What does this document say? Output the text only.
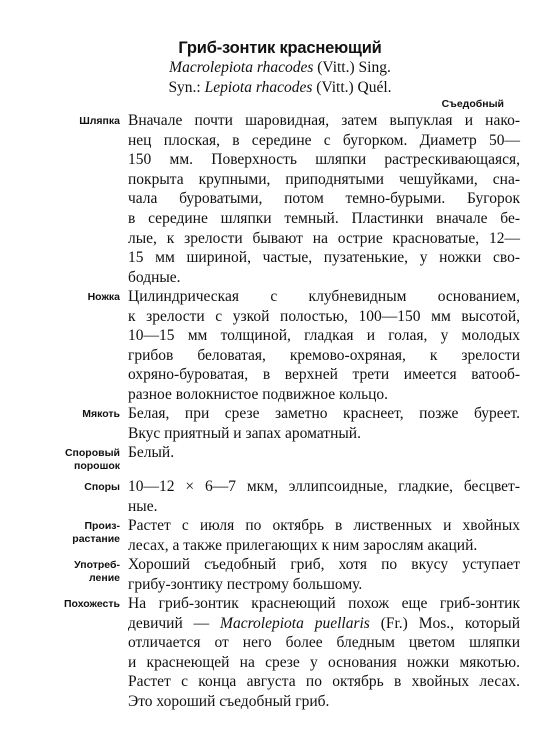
Гриб-зонтик краснеющий
Macrolepiota rhacodes (Vitt.) Sing.
Syn.: Lepiota rhacodes (Vitt.) Quél.
Съедобный
Шляпка Вначале почти шаровидная, затем выпуклая и нако-
нец плоская, в середине с бугорком. Диаметр 50—
150 мм. Поверхность шляпки растрескивающаяся,
покрыта крупными, приподнятыми чешуйками, сна-
чала буроватыми, потом темно-бурыми. Бугорок
в середине шляпки темный. Пластинки вначале бе-
лые, к зрелости бывают на острие красноватые, 12—
15 мм шириной, частые, пузатенькие, у ножки сво-
бодные.
Ножка Цилиндрическая с клубневидным основанием,
к зрелости с узкой полостью, 100—150 мм высотой,
10—15 мм толщиной, гладкая и голая, у молодых
грибов беловатая, кремово-охряная, к зрелости
охряно-буроватая, в верхней трети имеется ватооб-
разное волокнистое подвижное кольцо.
Мякоть Белая, при срезе заметно краснеет, позже буреет.
Вкус приятный и запах ароматный.
Споровый
порошок
Белый.
Споры 10—12 × 6—7 мкм, эллипсоидные, гладкие, бесцвет-
ные.
Произ-
растание
Растет с июля по октябрь в лиственных и хвойных
лесах, а также прилегающих к ним зарослям акаций.
Употреб-
ление
Хороший съедобный гриб, хотя по вкусу уступает
грибу-зонтику пестрому большому.
Похожесть На гриб-зонтик краснеющий похож еще гриб-зонтик
девичий — Macrolepiota puellaris (Fr.) Mos., который
отличается от него более бледным цветом шляпки
и краснеющей на срезе у основания ножки мякотью.
Растет с конца августа по октябрь в хвойных лесах.
Это хороший съедобный гриб.
